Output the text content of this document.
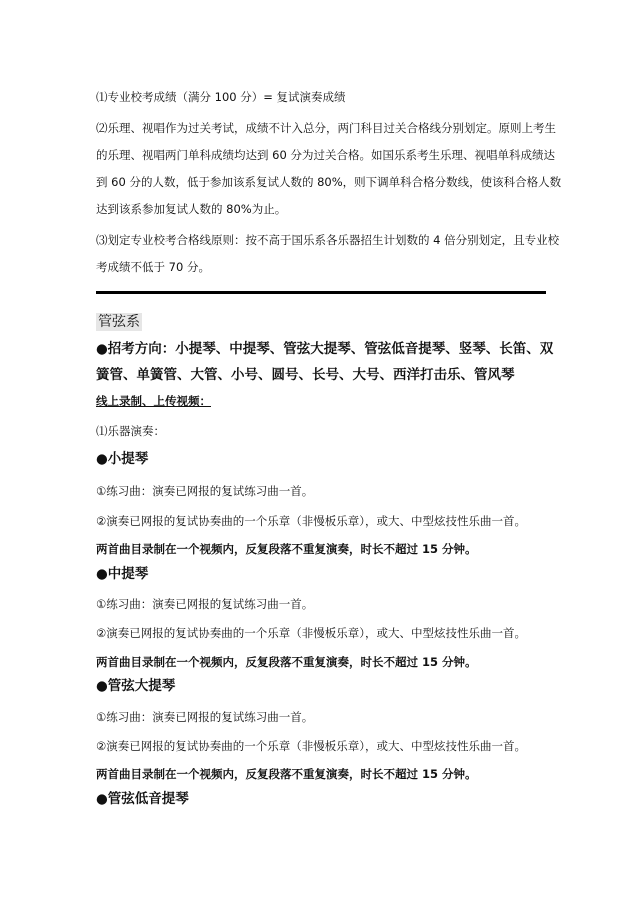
⑴专业校考成绩（满分 100 分）= 复试演奏成绩
⑵乐理、视唱作为过关考试，成绩不计入总分，两门科目过关合格线分别划定。原则上考生
的乐理、视唱两门单科成绩均达到 60 分为过关合格。如国乐系考生乐理、视唱单科成绩达
到 60 分的人数，低于参加该系复试人数的 80%，则下调单科合格分数线，使该科合格人数
达到该系参加复试人数的 80%为止。
⑶划定专业校考合格线原则：按不高于国乐系各乐器招生计划数的 4 倍分别划定，且专业校
考成绩不低于 70 分。
管弦系
●招考方向：小提琴、中提琴、管弦大提琴、管弦低音提琴、竖琴、长笛、双
簧管、单簧管、大管、小号、圆号、长号、大号、西洋打击乐、管风琴
线上录制、上传视频：
⑴乐器演奏：
●小提琴
①练习曲：演奏已网报的复试练习曲一首。
②演奏已网报的复试协奏曲的一个乐章（非慢板乐章），或大、中型炫技性乐曲一首。
两首曲目录制在一个视频内，反复段落不重复演奏，时长不超过 15 分钟。
●中提琴
①练习曲：演奏已网报的复试练习曲一首。
②演奏已网报的复试协奏曲的一个乐章（非慢板乐章），或大、中型炫技性乐曲一首。
两首曲目录制在一个视频内，反复段落不重复演奏，时长不超过 15 分钟。
●管弦大提琴
①练习曲：演奏已网报的复试练习曲一首。
②演奏已网报的复试协奏曲的一个乐章（非慢板乐章），或大、中型炫技性乐曲一首。
两首曲目录制在一个视频内，反复段落不重复演奏，时长不超过 15 分钟。
●管弦低音提琴
